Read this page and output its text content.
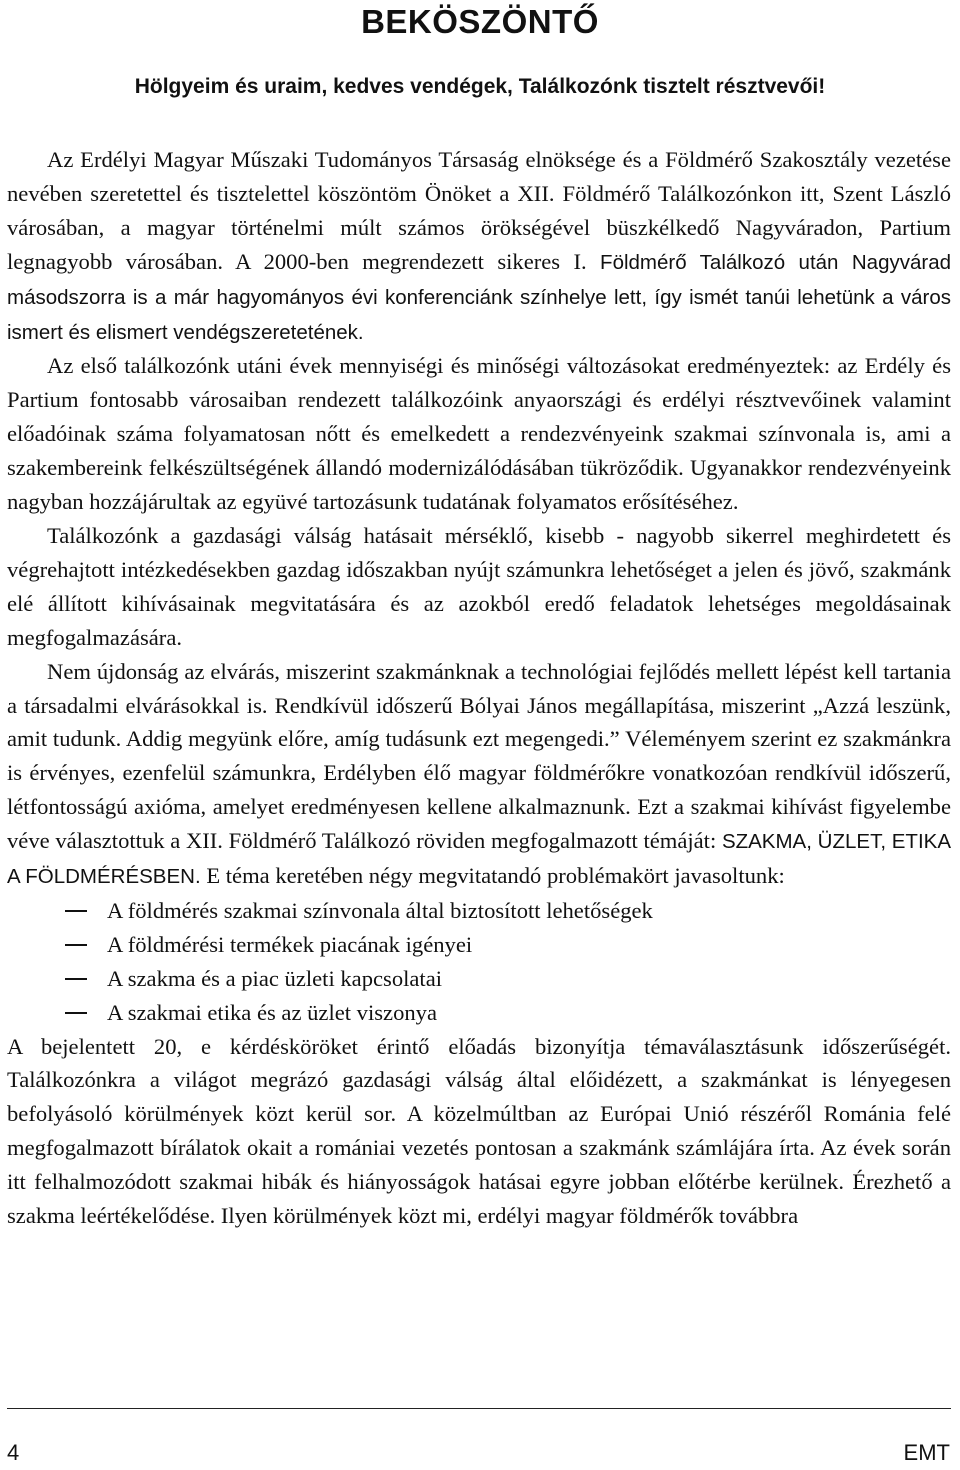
BEKÖSZÖNTŐ
Hölgyeim és uraim, kedves vendégek, Találkozónk tisztelt résztvevői!

Az Erdélyi Magyar Műszaki Tudományos Társaság elnöksége és a Földmérő Szakosztály vezetése nevében szeretettel és tisztelettel köszöntöm Önöket a XII. Földmérő Találkozónkon itt, Szent László városában, a magyar történelmi múlt számos örökségével büszkélkedő Nagyváradon, Partium legnagyobb városában. A 2000-ben megrendezett sikeres I. Földmérő Találkozó után Nagyvárad másodszorra is a már hagyományos évi konferenciánk színhelye lett, így ismét tanúi lehetünk a város ismert és elismert vendégszeretetének.

Az első találkozónk utáni évek mennyiségi és minőségi változásokat eredményeztek: az Erdély és Partium fontosabb városaiban rendezett találkozóink anyaországi és erdélyi résztvevőinek valamint előadóinak száma folyamatosan nőtt és emelkedett a rendezvényeink szakmai színvonala is, ami a szakembereink felkészültségének állandó modernizálódásában tükröződik. Ugyanakkor rendezvényeink nagyban hozzájárultak az együvé tartozásunk tudatának folyamatos erősítéséhez.

Találkozónk a gazdasági válság hatásait mérséklő, kisebb - nagyobb sikerrel meghirdetett és végrehajtott intézkedésekben gazdag időszakban nyújt számunkra lehetőséget a jelen és jövő, szakmánk elé állított kihívásainak megvitatására és az azokból eredő feladatok lehetséges megoldásainak megfogalmazására.

Nem újdonság az elvárás, miszerint szakmánknak a technológiai fejlődés mellett lépést kell tartania a társadalmi elvárásokkal is. Rendkívül időszerű Bólyai János megállapítása, miszerint „Azzá leszünk, amit tudunk. Addig megyünk előre, amíg tudásunk ezt megengedi.” Véleményem szerint ez szakmánkra is érvényes, ezenfelül számunkra, Erdélyben élő magyar földmérőkre vonatkozóan rendkívül időszerű, létfontosságú axióma, amelyet eredményesen kellene alkalmaznunk. Ezt a szakmai kihívást figyelembe véve választottuk a XII. Földmérő Találkozó röviden megfogalmazott témáját: SZAKMA, ÜZLET, ETIKA A FÖLDMÉRÉSBEN. E téma keretében négy megvitatandó problémakört javasoltunk:

A földmérés szakmai színvonala által biztosított lehetőségek
A földmérési termékek piacának igényei
A szakma és a piac üzleti kapcsolatai
A szakmai etika és az üzlet viszonya

A bejelentett 20, e kérdésköröket érintő előadás bizonyítja témaválasztásunk időszerűségét. Találkozónkra a világot megrázó gazdasági válság által előidézett, a szakmánkat is lényegesen befolyásoló körülmények közt kerül sor. A közelmúltban az Európai Unió részéről Románia felé megfogalmazott bírálatok okait a romániai vezetés pontosan a szakmánk számlájára írta. Az évek során itt felhalmozódott szakmai hibák és hiányosságok hatásai egyre jobban előtérbe kerülnek. Érezhető a szakma leértékelődése. Ilyen körülmények közt mi, erdélyi magyar földmérők továbbra

4	EMT
